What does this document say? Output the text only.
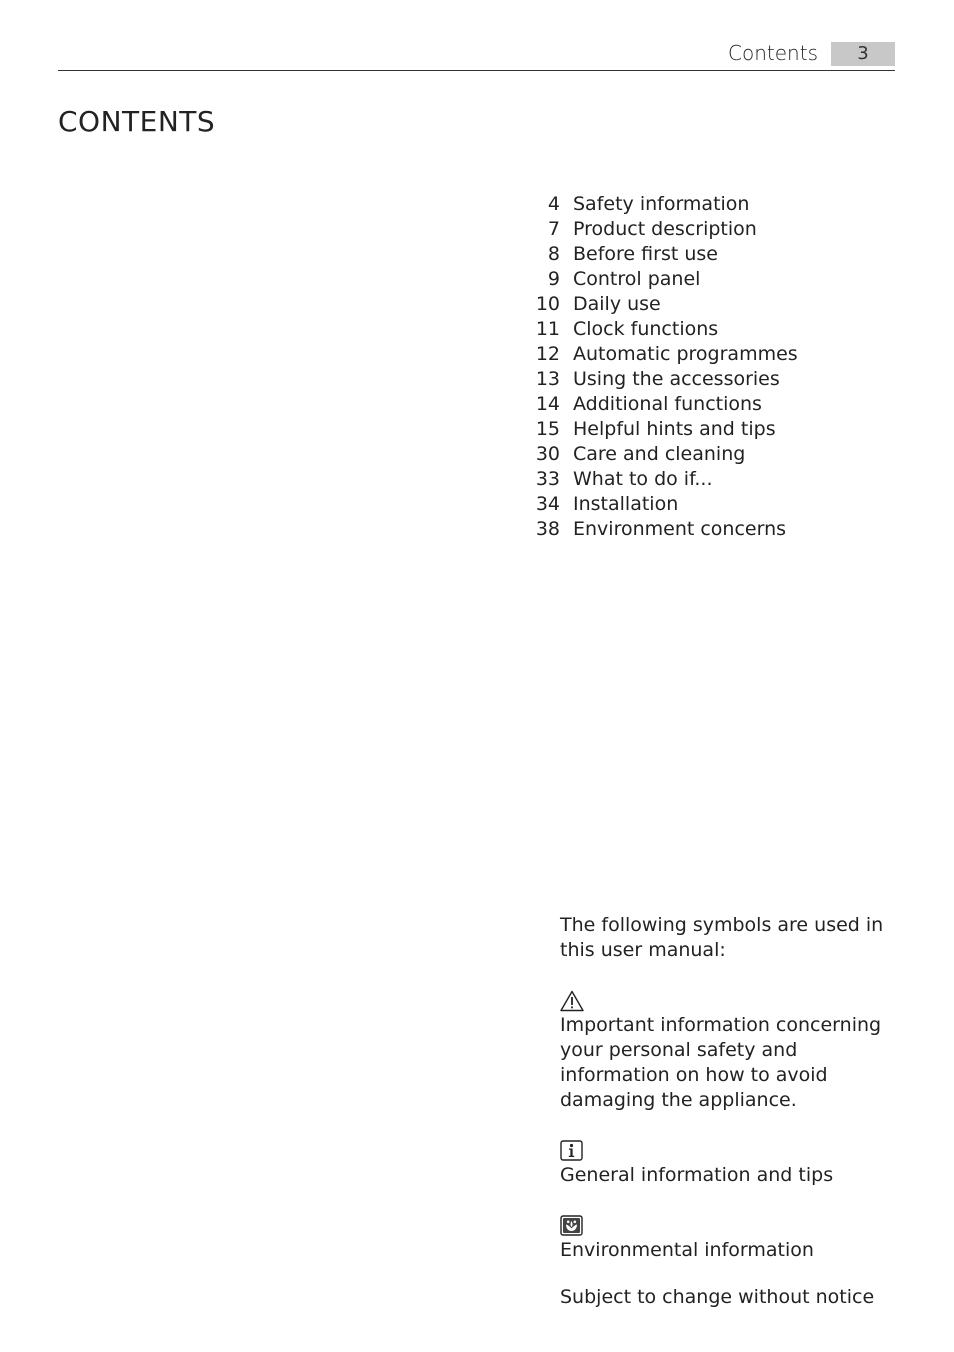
Contents	3
CONTENTS
4 Safety information
7 Product description
8 Before first use
9 Control panel
10 Daily use
11 Clock functions
12 Automatic programmes
13 Using the accessories
14 Additional functions
15 Helpful hints and tips
30 Care and cleaning
33 What to do if...
34 Installation
38 Environment concerns

The following symbols are used in this user manual:

Important information concerning your personal safety and information on how to avoid damaging the appliance.

General information and tips

Environmental information

Subject to change without notice
